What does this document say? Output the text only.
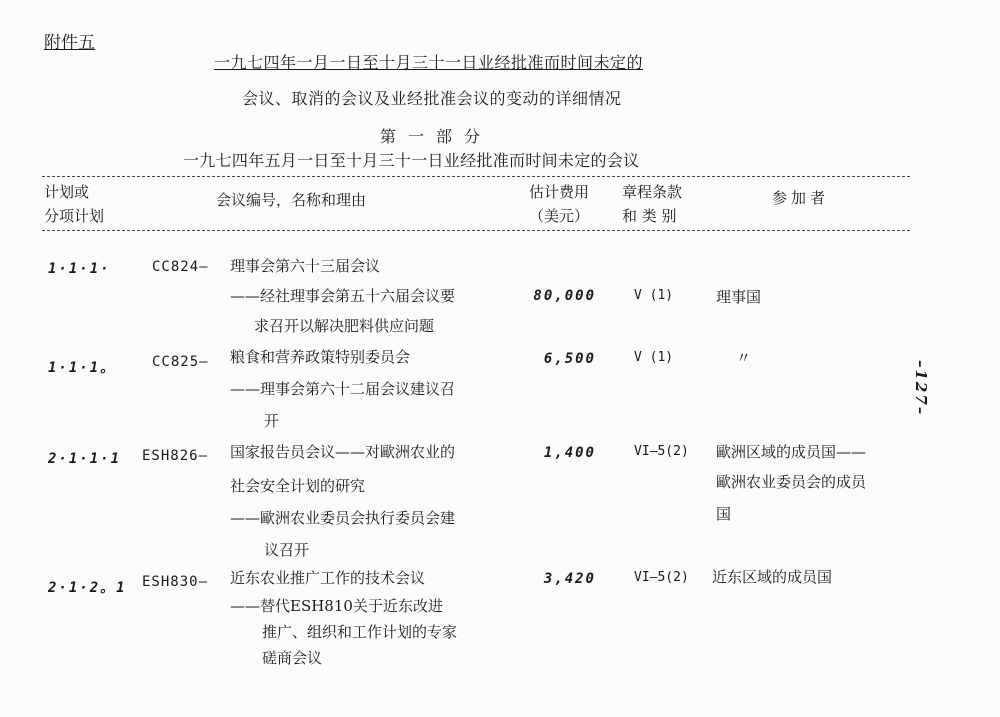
附件五
一九七四年一月一日至十月三十一日业经批准而时间未定的
会议、取消的会议及业经批准会议的变动的详细情况
第一部分
一九七四年五月一日至十月三十一日业经批准而时间未定的会议
计划或
分项计划
会议编号，名称和理由	估计费用
（美元）
章程条款
和 类 别
参加者
1·1·1·	CC824– 理事会第六十三届会议
——经社理事会第五十六届会议要
求召开以解决肥料供应问题
80,000	V (1)	理事国
1·1·1。	CC825– 粮食和营养政策特别委员会
——理事会第六十二届会议建议召
开
6,500	V (1)	〃
2·1·1·1 ESH826– 国家报告员会议——对歐洲农业的
社会安全计划的研究
——歐洲农业委员会执行委员会建
议召开
1,400	VI–5(2) 歐洲区域的成员国——
歐洲农业委员会的成员
国
2·1·2。1 ESH830– 近东农业推广工作的技术会议
——替代ESH810关于近东改进
推广、组织和工作计划的专家
磋商会议
3,420	VI–5(2) 近东区域的成员国
–127–
